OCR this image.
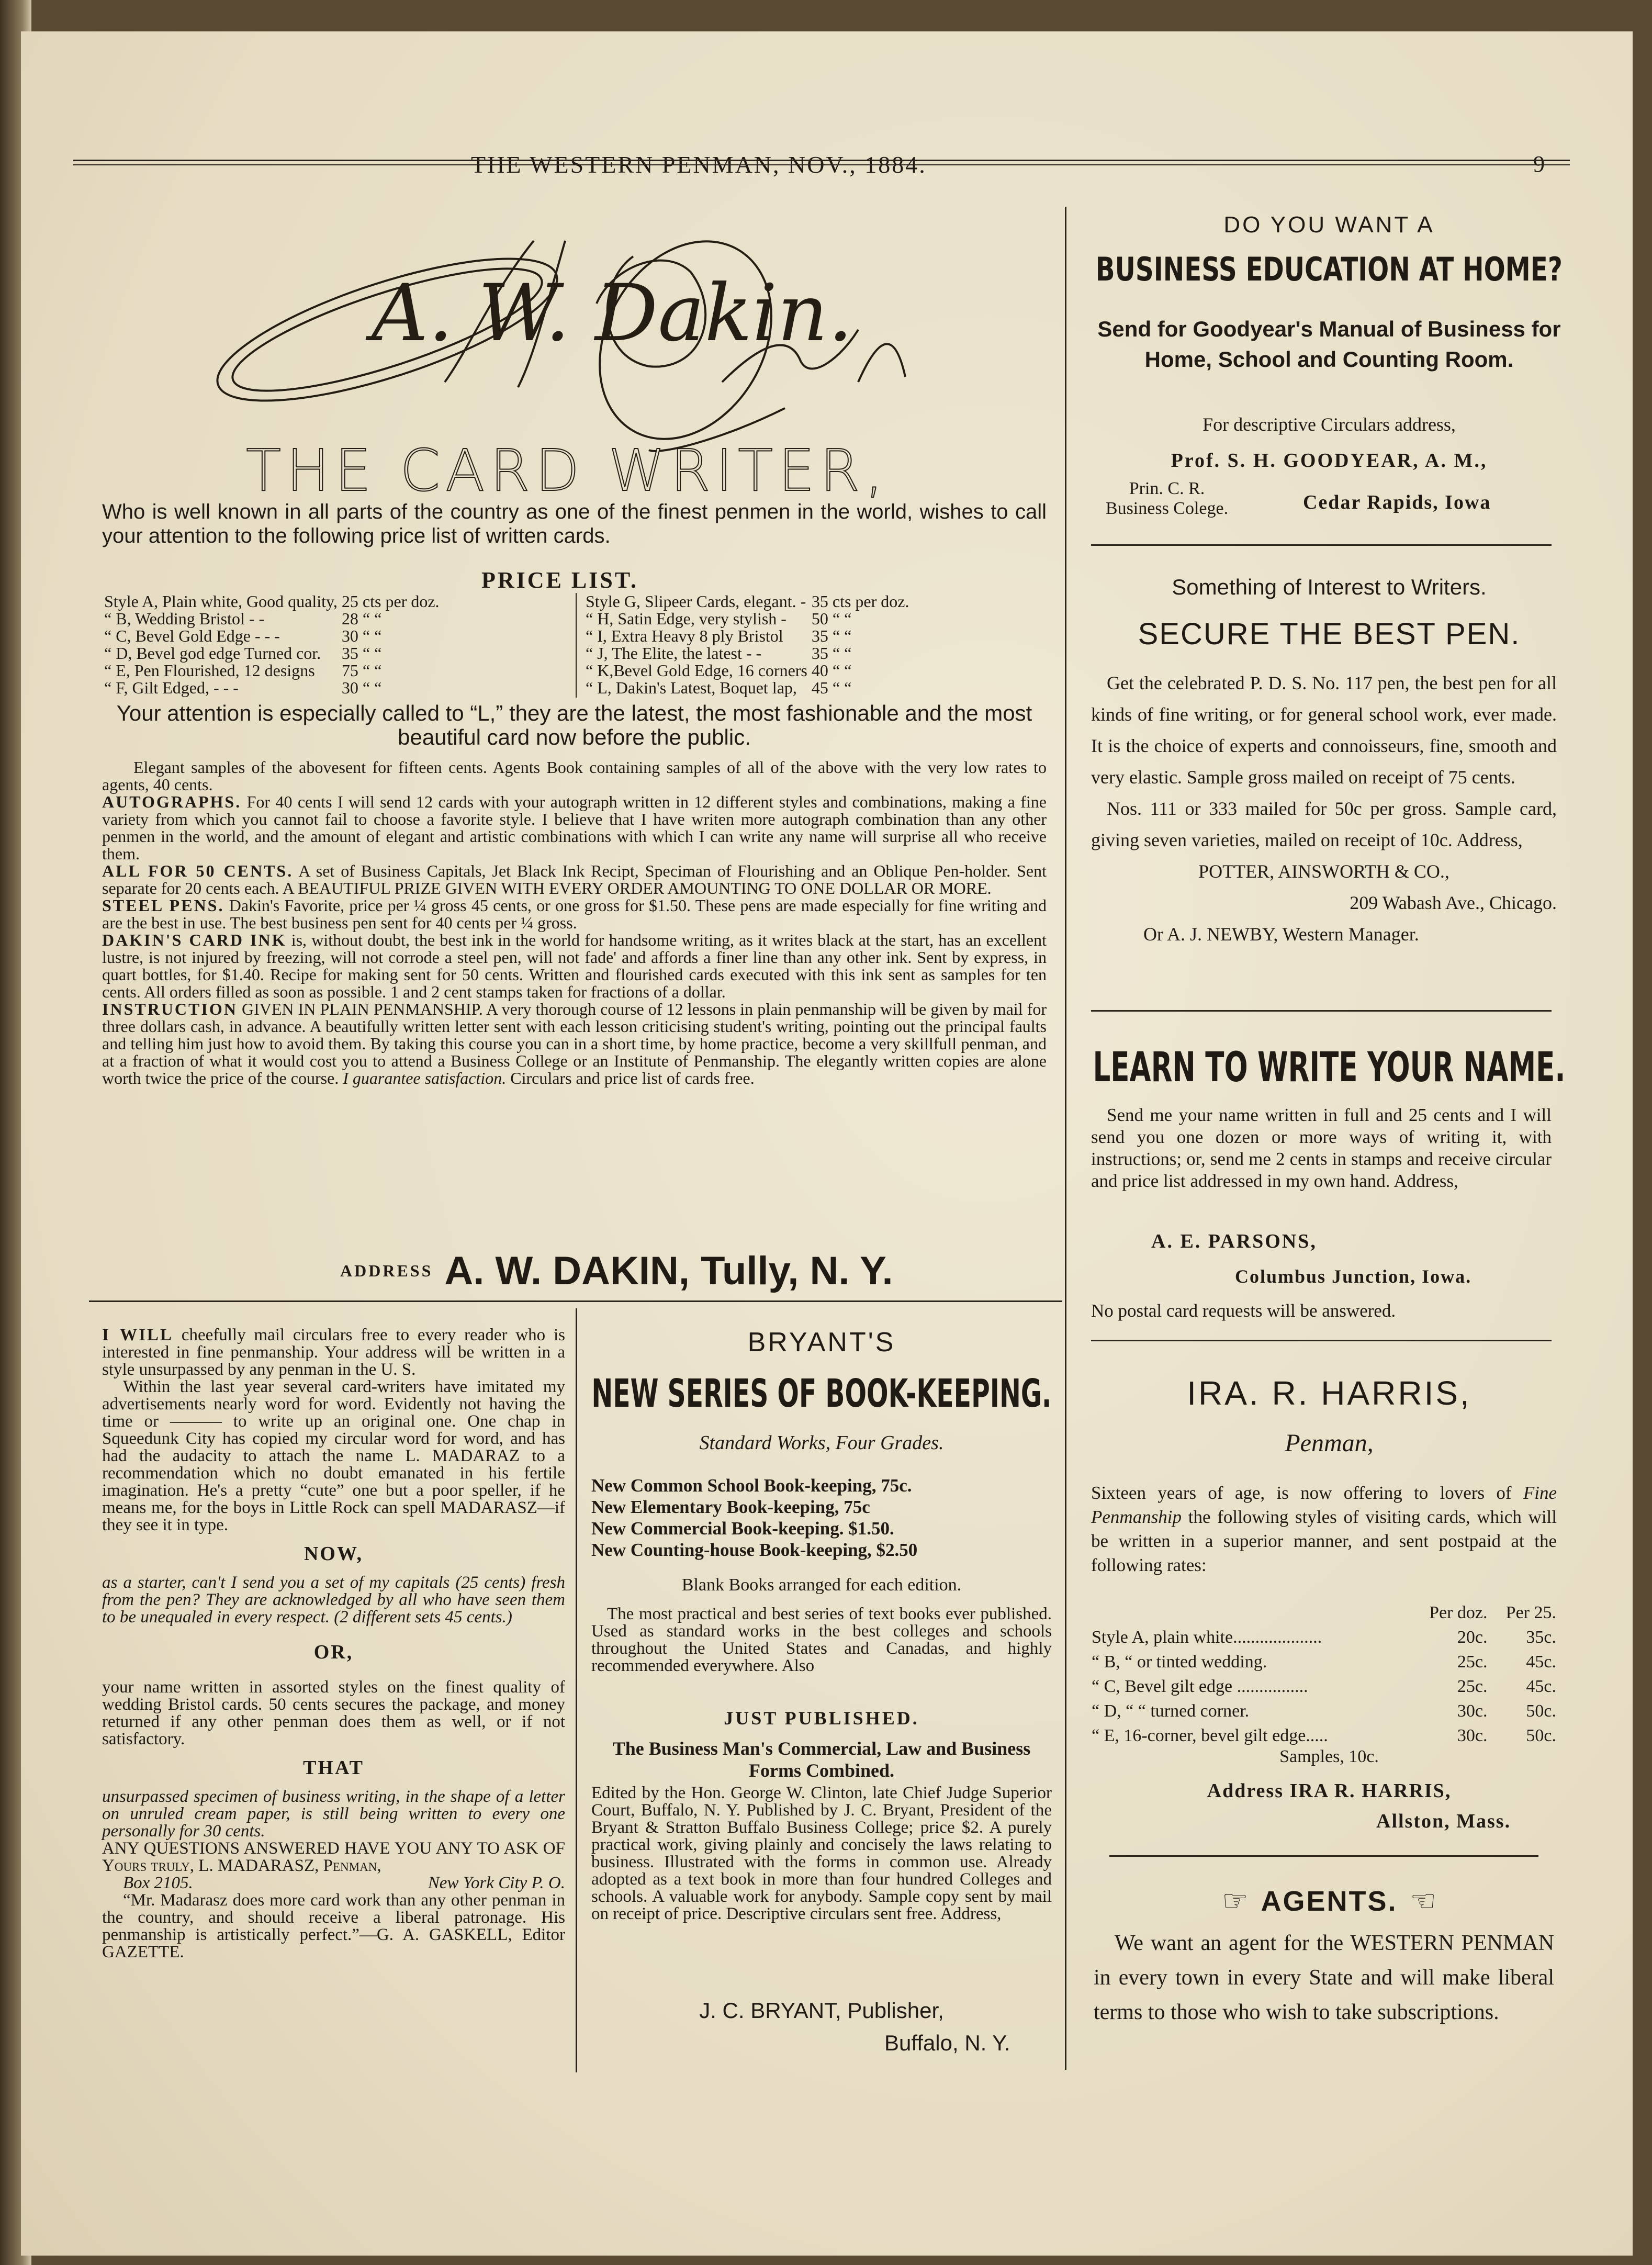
THE WESTERN PENMAN, NOV., 1884.	9
A. W. Dakin.
THE CARD WRITER,
Who is well known in all parts of the country as one of the finest penmen in the world, wishes to call your attention to the following price list of written cards.
PRICE LIST.
Style A, Plain white, Good quality,	25 cts per doz.
“ B, Wedding Bristol - -	28 “ “
“ C, Bevel Gold Edge - - -	30 “ “
“ D, Bevel god edge Turned cor.	35 “ “
“ E, Pen Flourished, 12 designs	75 “ “
“ F, Gilt Edged, - - -	30 “ “
Style G, Slipeer Cards, elegant. -	35 cts per doz.
“ H, Satin Edge, very stylish -	50 “ “
“ I, Extra Heavy 8 ply Bristol	35 “ “
“ J, The Elite, the latest - -	35 “ “
“ K,Bevel Gold Edge, 16 corners	40 “ “
“ L, Dakin's Latest, Boquet lap,	45 “ “
Your attention is especially called to “L,” they are the latest, the most fashionable and the most beautiful card now before the public.

Elegant samples of the abovesent for fifteen cents. Agents Book containing samples of all of the above with the very low rates to agents, 40 cents.

AUTOGRAPHS. For 40 cents I will send 12 cards with your autograph written in 12 different styles and combinations, making a fine variety from which you cannot fail to choose a favorite style. I believe that I have writen more autograph combination than any other penmen in the world, and the amount of elegant and artistic combinations with which I can write any name will surprise all who receive them.

ALL FOR 50 CENTS. A set of Business Capitals, Jet Black Ink Recipt, Speciman of Flourishing and an Oblique Pen-holder. Sent separate for 20 cents each. A BEAUTIFUL PRIZE GIVEN WITH EVERY ORDER AMOUNTING TO ONE DOLLAR OR MORE.

STEEL PENS. Dakin's Favorite, price per ¼ gross 45 cents, or one gross for $1.50. These pens are made especially for fine writing and are the best in use. The best business pen sent for 40 cents per ¼ gross.

DAKIN'S CARD INK is, without doubt, the best ink in the world for handsome writing, as it writes black at the start, has an excellent lustre, is not injured by freezing, will not corrode a steel pen, will not fade' and affords a finer line than any other ink. Sent by express, in quart bottles, for $1.40. Recipe for making sent for 50 cents. Written and flourished cards executed with this ink sent as samples for ten cents. All orders filled as soon as possible. 1 and 2 cent stamps taken for fractions of a dollar.

INSTRUCTION GIVEN IN PLAIN PENMANSHIP. A very thorough course of 12 lessons in plain penmanship will be given by mail for three dollars cash, in advance. A beautifully written letter sent with each lesson criticising student's writing, pointing out the principal faults and telling him just how to avoid them. By taking this course you can in a short time, by home practice, become a very skillfull penman, and at a fraction of what it would cost you to attend a Business College or an Institute of Penmanship. The elegantly written copies are alone worth twice the price of the course. I guarantee satisfaction. Circulars and price list of cards free.

ADDRESS A. W. DAKIN, Tully, N. Y.
DO YOU WANT A
BUSINESS EDUCATION AT HOME?
Send for Goodyear's Manual of Business for Home, School and Counting Room.
For descriptive Circulars address,
Prof. S. H. GOODYEAR, A. M.,
Prin. C. R.
Business Colege.	Cedar Rapids, Iowa
Something of Interest to Writers.
SECURE THE BEST PEN.

Get the celebrated P. D. S. No. 117 pen, the best pen for all kinds of fine writing, or for general school work, ever made. It is the choice of experts and connoisseurs, fine, smooth and very elastic. Sample gross mailed on receipt of 75 cents.

Nos. 111 or 333 mailed for 50c per gross. Sample card, giving seven varieties, mailed on receipt of 10c. Address,

POTTER, AINSWORTH & CO.,

209 Wabash Ave., Chicago.

Or A. J. NEWBY, Western Manager.

LEARN TO WRITE YOUR NAME.
Send me your name written in full and 25 cents and I will send you one dozen or more ways of writing it, with instructions; or, send me 2 cents in stamps and receive circular and price list addressed in my own hand. Address,
A. E. PARSONS,
Columbus Junction, Iowa.
No postal card requests will be answered.
IRA. R. HARRIS,
Penman,
Sixteen years of age, is now offering to lovers of Fine Penmanship the following styles of visiting cards, which will be written in a superior manner, and sent postpaid at the following rates:
	Per doz.	Per 25.
Style A, plain white....................	20c.	35c.
“ B, “ or tinted wedding.	25c.	45c.
“ C, Bevel gilt edge ................	25c.	45c.
“ D, “ “ turned corner.	30c.	50c.
“ E, 16-corner, bevel gilt edge.....	30c.	50c.
Samples, 10c.
Address IRA R. HARRIS,
Allston, Mass.
☞ AGENTS. ☜
We want an agent for the WESTERN PENMAN in every town in every State and will make liberal terms to those who wish to take subscriptions.

I WILL cheefully mail circulars free to every reader who is interested in fine penmanship. Your address will be written in a style unsurpassed by any penman in the U. S.

Within the last year several card-writers have imitated my advertisements nearly word for word. Evidently not having the time or ——— to write up an original one. One chap in Squeedunk City has copied my circular word for word, and has had the audacity to attach the name L. MADARAZ to a recommendation which no doubt emanated in his fertile imagination. He's a pretty “cute” one but a poor speller, if he means me, for the boys in Little Rock can spell MADARASZ—if they see it in type.

NOW,

as a starter, can't I send you a set of my capitals (25 cents) fresh from the pen? They are acknowledged by all who have seen them to be unequaled in every respect. (2 different sets 45 cents.)

OR,

your name written in assorted styles on the finest quality of wedding Bristol cards. 50 cents secures the package, and money returned if any other penman does them as well, or if not satisfactory.

THAT

unsurpassed specimen of business writing, in the shape of a letter on unruled cream paper, is still being written to every one personally for 30 cents.

ANY QUESTIONS ANSWERED HAVE YOU ANY TO ASK OF Yours truly, L. MADARASZ, Penman,

Box 2105.	New York City P. O.

“Mr. Madarasz does more card work than any other penman in the country, and should receive a liberal patronage. His penmanship is artistically perfect.”—G. A. GASKELL, Editor GAZETTE.

BRYANT'S
NEW SERIES OF BOOK-KEEPING.
Standard Works, Four Grades.
New Common School Book-keeping, 75c.
New Elementary Book-keeping, 75c
New Commercial Book-keeping. $1.50.
New Counting-house Book-keeping, $2.50
Blank Books arranged for each edition.
The most practical and best series of text books ever published. Used as standard works in the best colleges and schools throughout the United States and Canadas, and highly recommended everywhere. Also
JUST PUBLISHED.
The Business Man's Commercial, Law and Business Forms Combined.
Edited by the Hon. George W. Clinton, late Chief Judge Superior Court, Buffalo, N. Y. Published by J. C. Bryant, President of the Bryant & Stratton Buffalo Business College; price $2. A purely practical work, giving plainly and concisely the laws relating to business. Illustrated with the forms in common use. Already adopted as a text book in more than four hundred Colleges and schools. A valuable work for anybody. Sample copy sent by mail on receipt of price. Descriptive circulars sent free. Address,
J. C. BRYANT, Publisher,
Buffalo, N. Y.
